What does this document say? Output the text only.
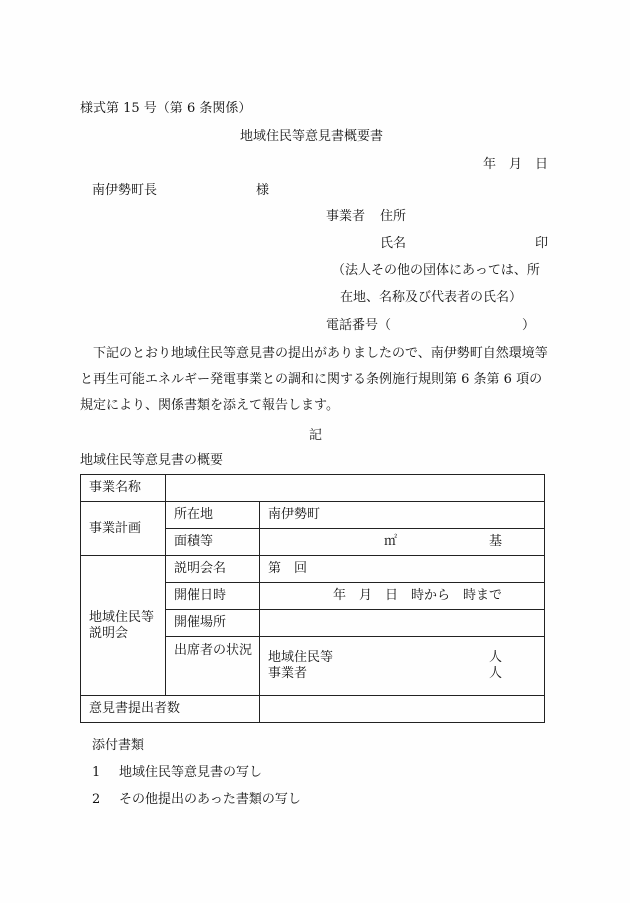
様式第 15 号（第 6 条関係）
地域住民等意見書概要書
年　月　日
南伊勢町長	様
事業者 住所
氏名	印
（法人その他の団体にあっては、所
在地、名称及び代表者の氏名）
電話番号（	）
下記のとおり地域住民等意見書の提出がありましたので、南伊勢町自然環境等と再生可能エネルギー発電事業との調和に関する条例施行規則第 6 条第 6 項の規定により、関係書類を添えて報告します。
記
地域住民等意見書の概要
事業名称		
事業計画	所在地	南伊勢町
	面積等	㎡ 基

地域住民等
説明会	説明会名	第　回
	開催日時	年　月　日　時から　時まで
	開催場所	
	出席者の状況	地域住民等 人
事業者 人

意見書提出者数		
添付書類
1 地域住民等意見書の写し
2 その他提出のあった書類の写し
